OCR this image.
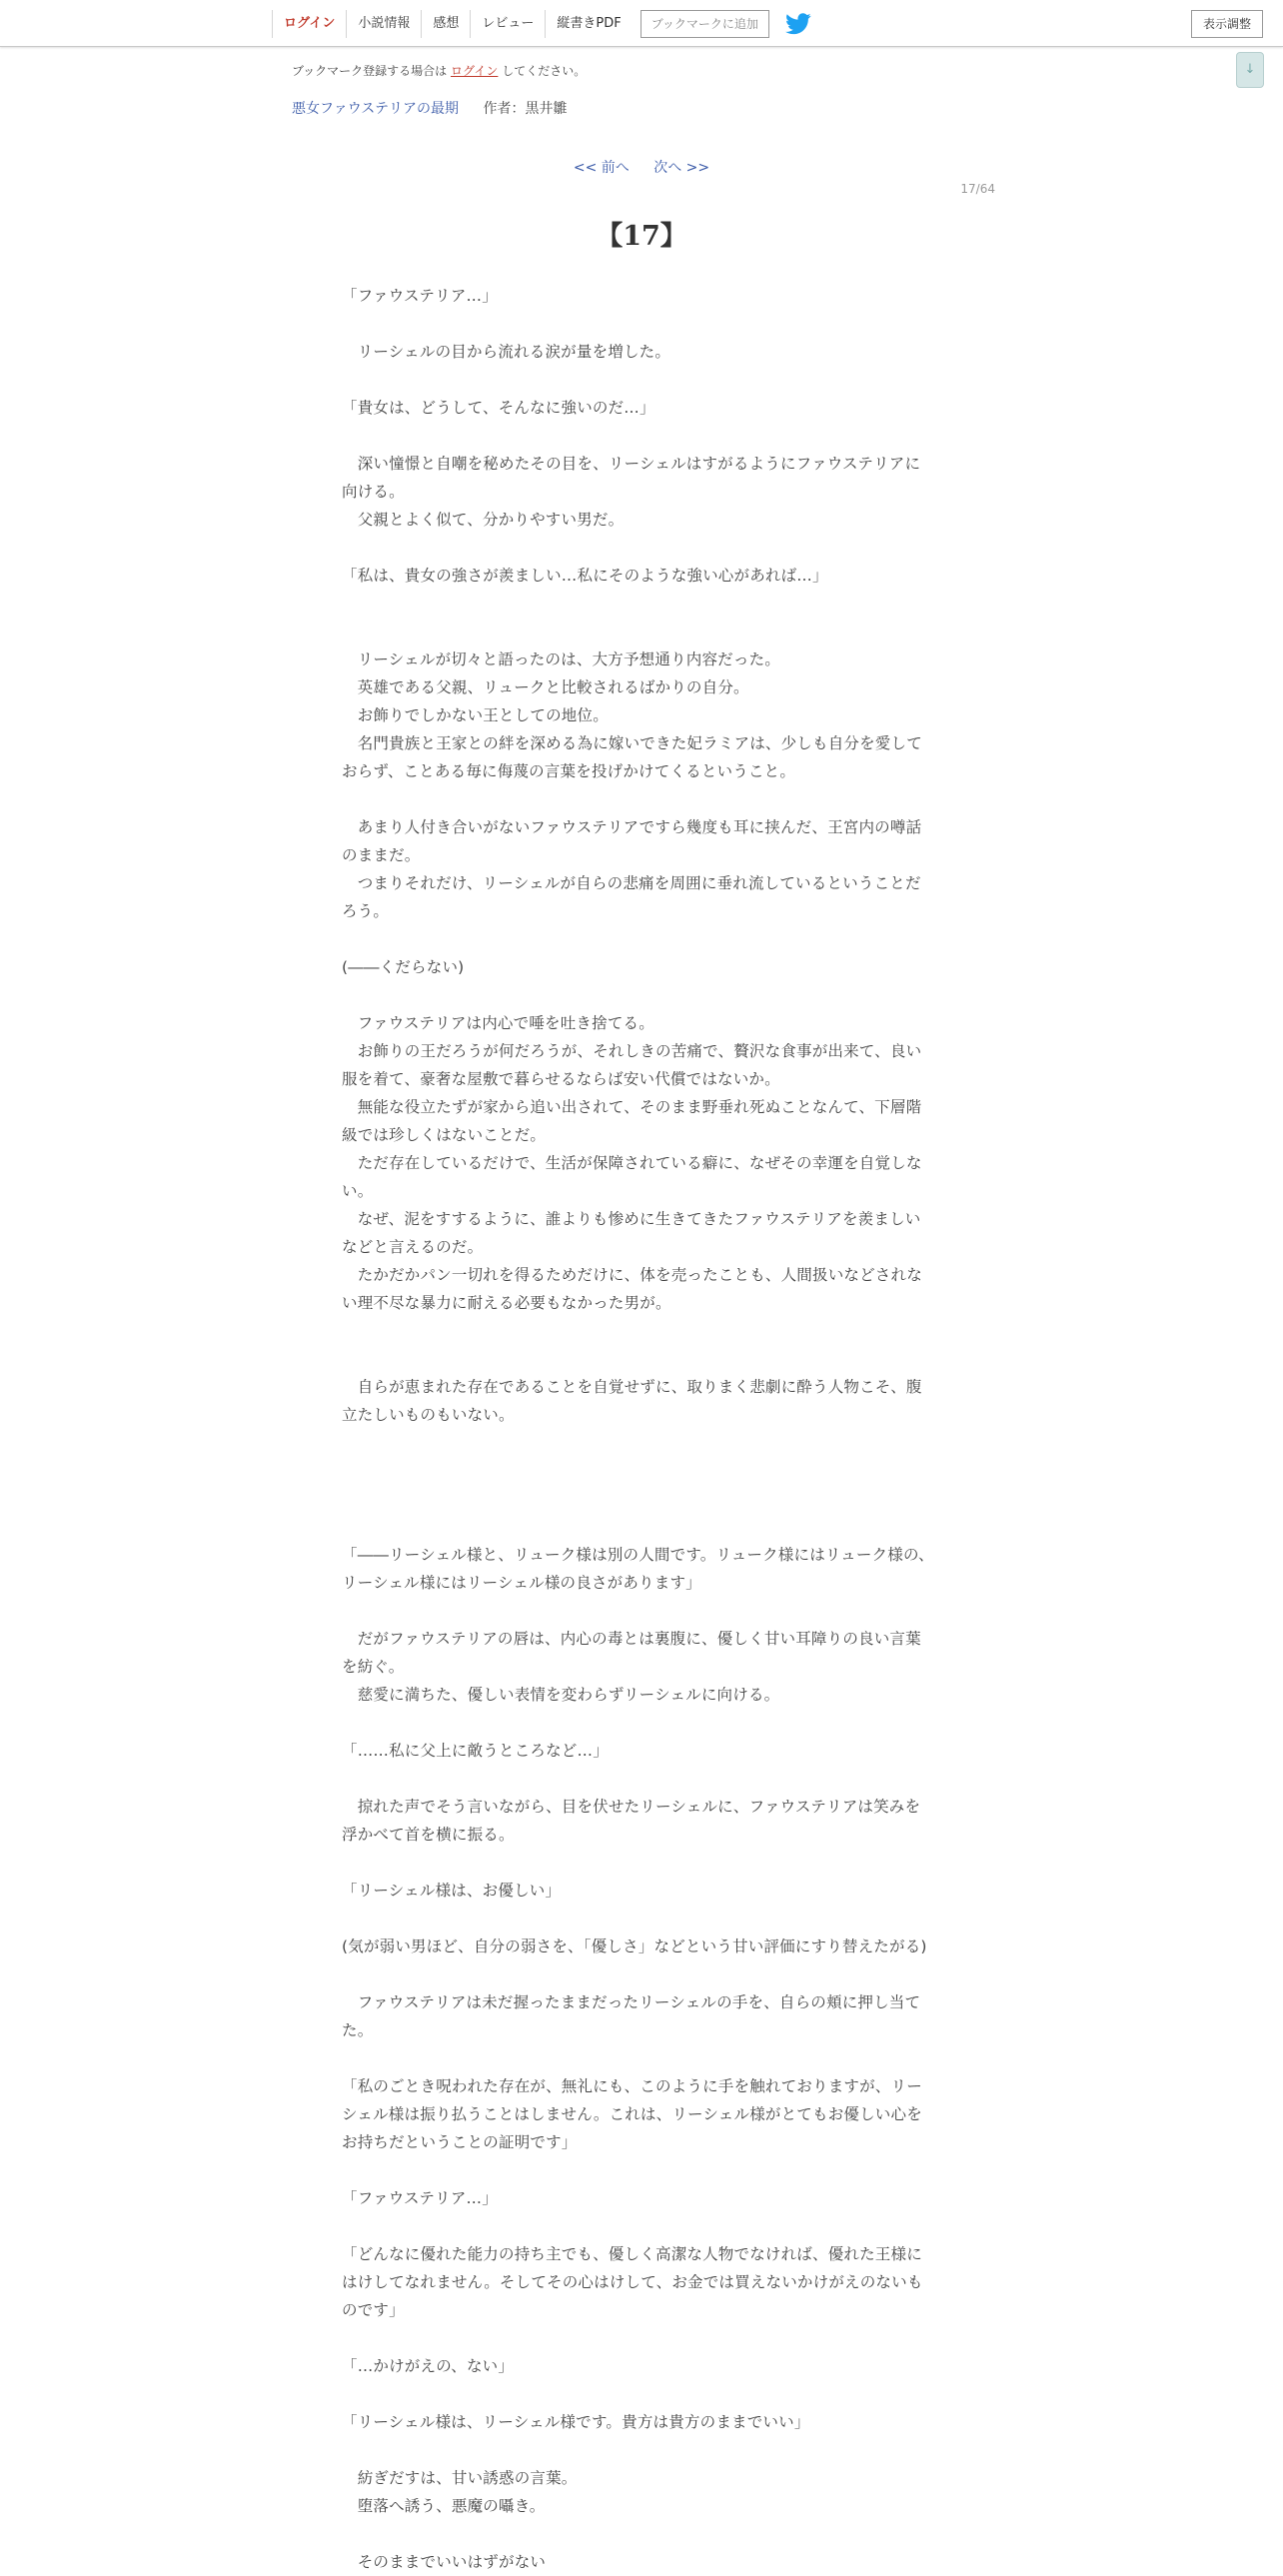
ログイン	小説情報	感想	レビュー	縦書きPDF	ブックマークに追加	表示調整
↓
ブックマーク登録する場合は ログイン してください。
悪女ファウステリアの最期 作者：黒井雛
<< 前へ 次へ >>
17/64
【17】

「ファウステリア…」

　リーシェルの目から流れる涙が量を増した。

「貴女は、どうして、そんなに強いのだ…」

　深い憧憬と自嘲を秘めたその目を、リーシェルはすがるようにファウステリアに向ける。

　父親とよく似て、分かりやすい男だ。

「私は、貴女の強さが羨ましい…私にそのような強い心があれば…」

　リーシェルが切々と語ったのは、大方予想通り内容だった。

　英雄である父親、リュークと比較されるばかりの自分。

　お飾りでしかない王としての地位。

　名門貴族と王家との絆を深める為に嫁いできた妃ラミアは、少しも自分を愛しておらず、ことある毎に侮蔑の言葉を投げかけてくるということ。

　あまり人付き合いがないファウステリアですら幾度も耳に挟んだ、王宮内の噂話のままだ。

　つまりそれだけ、リーシェルが自らの悲痛を周囲に垂れ流しているということだろう。

(――くだらない)

　ファウステリアは内心で唾を吐き捨てる。

　お飾りの王だろうが何だろうが、それしきの苦痛で、贅沢な食事が出来て、良い服を着て、豪奢な屋敷で暮らせるならば安い代償ではないか。

　無能な役立たずが家から追い出されて、そのまま野垂れ死ぬことなんて、下層階級では珍しくはないことだ。

　ただ存在しているだけで、生活が保障されている癖に、なぜその幸運を自覚しない。

　なぜ、泥をすするように、誰よりも惨めに生きてきたファウステリアを羨ましいなどと言えるのだ。

　たかだかパン一切れを得るためだけに、体を売ったことも、人間扱いなどされない理不尽な暴力に耐える必要もなかった男が。

　自らが恵まれた存在であることを自覚せずに、取りまく悲劇に酔う人物こそ、腹立たしいものもいない。

「――リーシェル様と、リューク様は別の人間です。リューク様にはリューク様の、リーシェル様にはリーシェル様の良さがあります」

　だがファウステリアの唇は、内心の毒とは裏腹に、優しく甘い耳障りの良い言葉を紡ぐ。

　慈愛に満ちた、優しい表情を変わらずリーシェルに向ける。

「……私に父上に敵うところなど…」

　掠れた声でそう言いながら、目を伏せたリーシェルに、ファウステリアは笑みを浮かべて首を横に振る。

「リーシェル様は、お優しい」

(気が弱い男ほど、自分の弱さを、「優しさ」などという甘い評価にすり替えたがる)

　ファウステリアは未だ握ったままだったリーシェルの手を、自らの頬に押し当てた。

「私のごとき呪われた存在が、無礼にも、このように手を触れておりますが、リーシェル様は振り払うことはしません。これは、リーシェル様がとてもお優しい心をお持ちだということの証明です」

「ファウステリア…」

「どんなに優れた能力の持ち主でも、優しく高潔な人物でなければ、優れた王様にはけしてなれません。そしてその心はけして、お金では買えないかけがえのないものです」

「…かけがえの、ない」

「リーシェル様は、リーシェル様です。貴方は貴方のままでいい」

　紡ぎだすは、甘い誘惑の言葉。

　堕落へ誘う、悪魔の囁き。

　そのままでいいはずがない
